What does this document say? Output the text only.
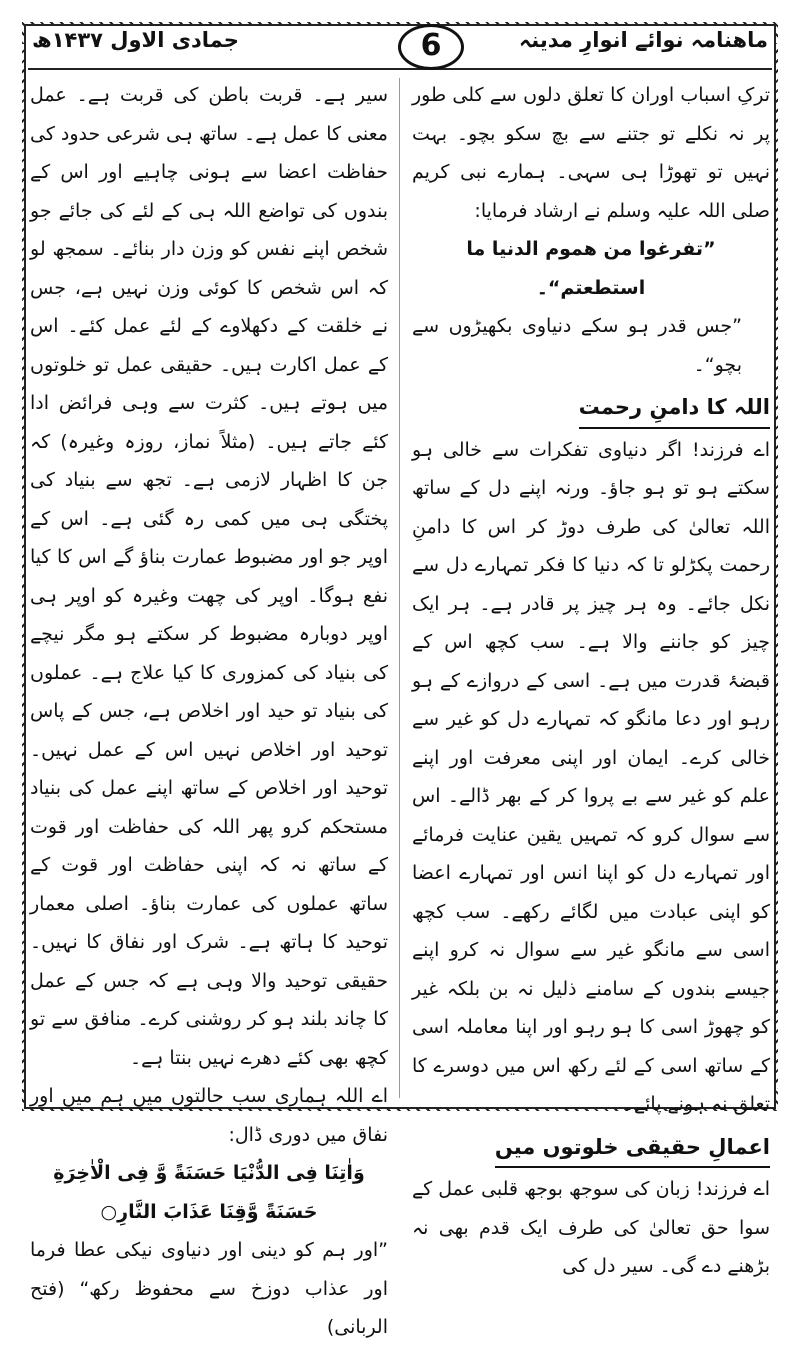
ماهنامہ نوائے انوارِ مدینہ
6
جمادی الاول ۱۴۳۷ھ

ترکِ اسباب اوران کا تعلق دلوں سے کلی طور پر نہ نکلے تو جتنے سے بچ سکو بچو۔ بہت نہیں تو تھوڑا ہی سہی۔ ہمارے نبی کریم صلی اللہ علیہ وسلم نے ارشاد فرمایا:

”تفرغوا من هموم الدنيا ما استطعتم“۔

”جس قدر ہو سکے دنیاوی بکھیڑوں سے بچو“۔

اللہ کا دامنِ رحمت

اے فرزند! اگر دنیاوی تفکرات سے خالی ہو سکتے ہو تو ہو جاؤ۔ ورنہ اپنے دل کے ساتھ اللہ تعالیٰ کی طرف دوڑ کر اس کا دامنِ رحمت پکڑلو تا کہ دنیا کا فکر تمہارے دل سے نکل جائے۔ وہ ہر چیز پر قادر ہے۔ ہر ایک چیز کو جاننے والا ہے۔ سب کچھ اس کے قبضۂ قدرت میں ہے۔ اسی کے دروازے کے ہو رہو اور دعا مانگو کہ تمہارے دل کو غیر سے خالی کرے۔ ایمان اور اپنی معرفت اور اپنے علم کو غیر سے بے پروا کر کے بھر ڈالے۔ اس سے سوال کرو کہ تمہیں یقین عنایت فرمائے اور تمہارے دل کو اپنا انس اور تمہارے اعضا کو اپنی عبادت میں لگائے رکھے۔ سب کچھ اسی سے مانگو غیر سے سوال نہ کرو اپنے جیسے بندوں کے سامنے ذلیل نہ بن بلکہ غیر کو چھوڑ اسی کا ہو رہو اور اپنا معاملہ اسی کے ساتھ اسی کے لئے رکھ اس میں دوسرے کا تعلق نہ ہونے پائے۔

اعمالِ حقیقی خلوتوں میں

اے فرزند! زبان کی سوجھ بوجھ قلبی عمل کے سوا حق تعالیٰ کی طرف ایک قدم بھی نہ بڑھنے دے گی۔ سیر دل کی

سیر ہے۔ قربت باطن کی قربت ہے۔ عمل معنی کا عمل ہے۔ ساتھ ہی شرعی حدود کی حفاظت اعضا سے ہونی چاہیے اور اس کے بندوں کی تواضع اللہ ہی کے لئے کی جائے جو شخص اپنے نفس کو وزن دار بنائے۔ سمجھ لو کہ اس شخص کا کوئی وزن نہیں ہے، جس نے خلقت کے دکھلاوے کے لئے عمل کئے۔ اس کے عمل اکارت ہیں۔ حقیقی عمل تو خلوتوں میں ہوتے ہیں۔ کثرت سے وہی فرائض ادا کئے جاتے ہیں۔ (مثلاً نماز، روزہ وغیرہ) کہ جن کا اظہار لازمی ہے۔ تجھ سے بنیاد کی پختگی ہی میں کمی رہ گئی ہے۔ اس کے اوپر جو اور مضبوط عمارت بناؤ گے اس کا کیا نفع ہوگا۔ اوپر کی چھت وغیرہ کو اوپر ہی اوپر دوبارہ مضبوط کر سکتے ہو مگر نیچے کی بنیاد کی کمزوری کا کیا علاج ہے۔ عملوں کی بنیاد تو حید اور اخلاص ہے، جس کے پاس توحید اور اخلاص نہیں اس کے عمل نہیں۔ توحید اور اخلاص کے ساتھ اپنے عمل کی بنیاد مستحکم کرو پھر اللہ کی حفاظت اور قوت کے ساتھ نہ کہ اپنی حفاظت اور قوت کے ساتھ عملوں کی عمارت بناؤ۔ اصلی معمار توحید کا ہاتھ ہے۔ شرک اور نفاق کا نہیں۔ حقیقی توحید والا وہی ہے کہ جس کے عمل کا چاند بلند ہو کر روشنی کرے۔ منافق سے تو کچھ بھی کئے دھرے نہیں بنتا ہے۔

اے اللہ ہماری سب حالتوں میں ہم میں اور نفاق میں دوری ڈال:

وَاٰتِنَا فِی الدُّنْيَا حَسَنَةً وَّ فِی الْاٰخِرَةِ

حَسَنَةً وَّقِنَا عَذَابَ النَّارِ○

”اور ہم کو دینی اور دنیاوی نیکی عطا فرما اور عذاب دوزخ سے محفوظ رکھ“ (فتح الربانی)
